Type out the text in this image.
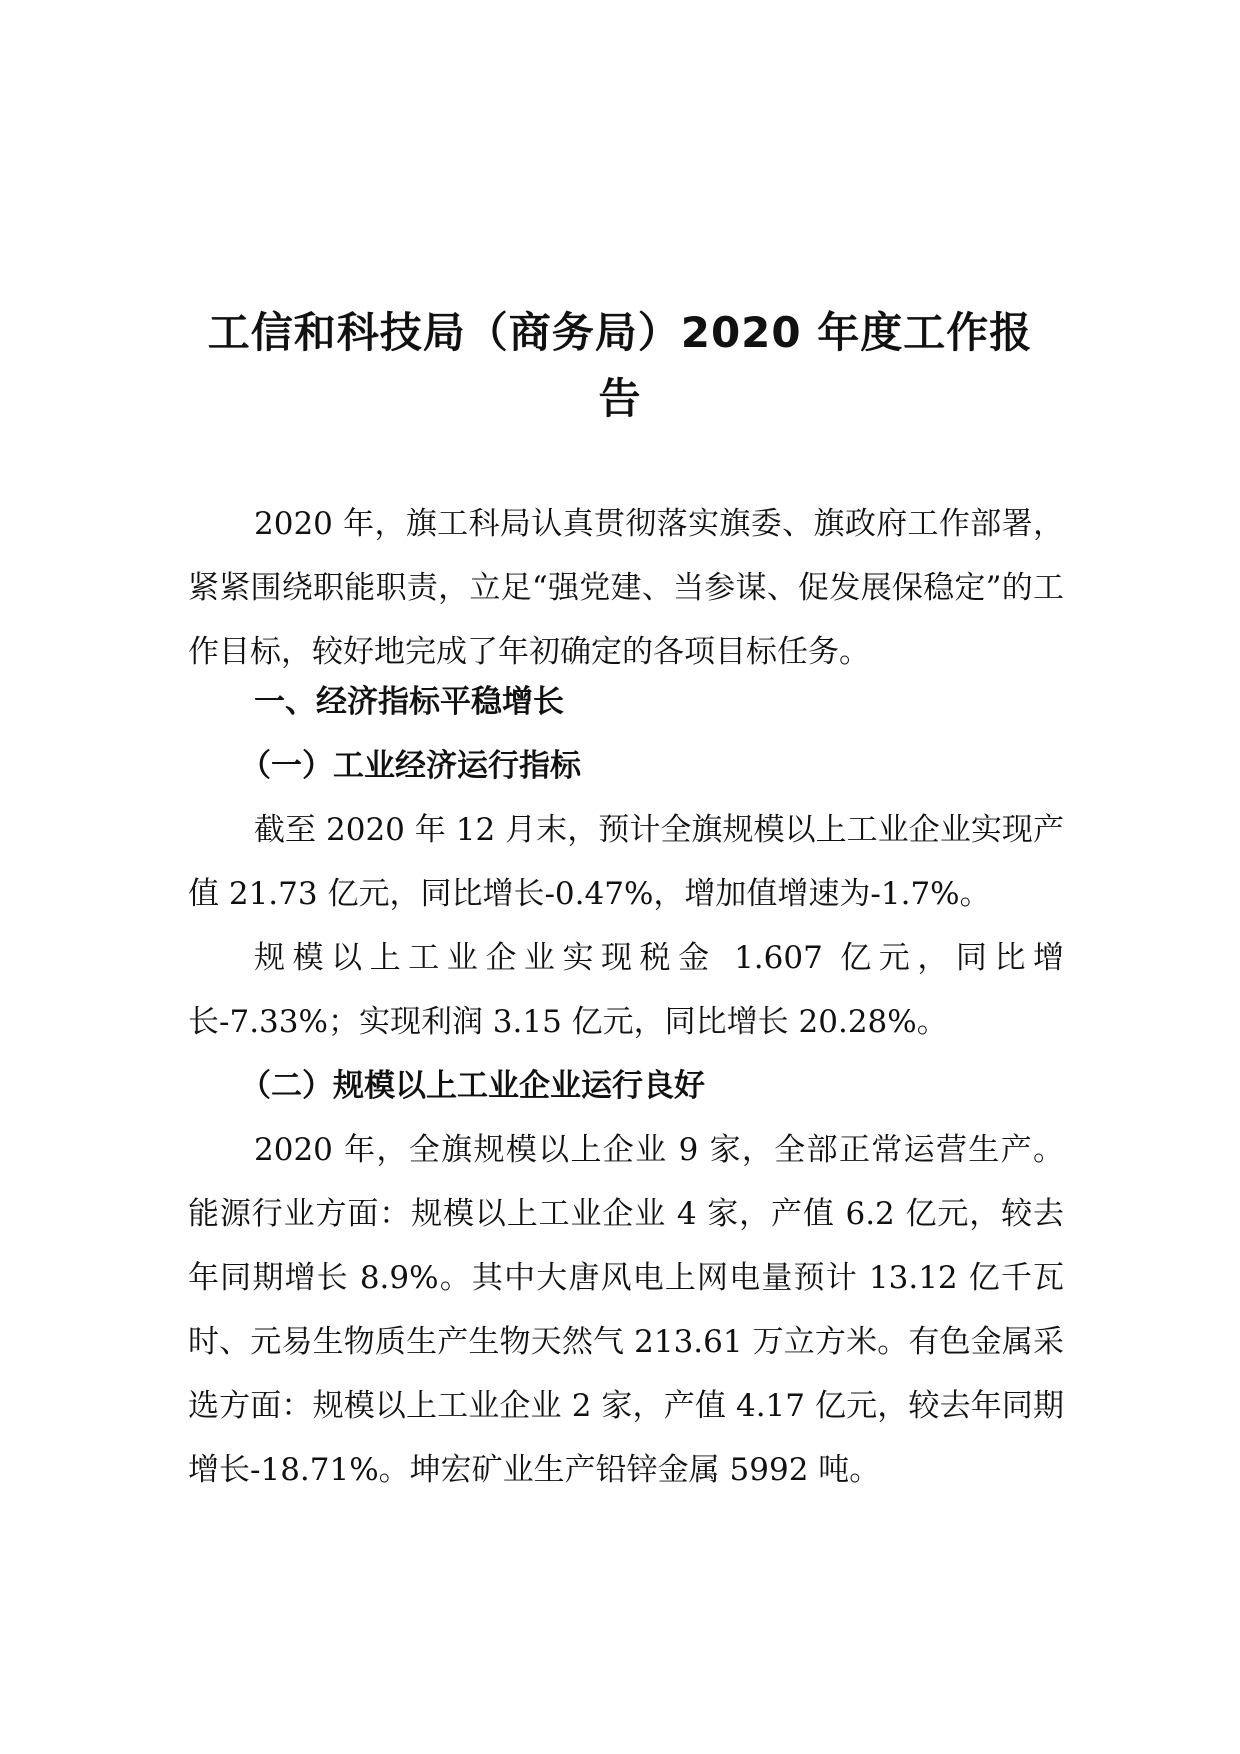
工信和科技局（商务局）2020 年度工作报
告

2020 年，旗工科局认真贯彻落实旗委、旗政府工作部署，紧紧围绕职能职责，立足“强党建、当参谋、促发展保稳定”的工作目标，较好地完成了年初确定的各项目标任务。

一、经济指标平稳增长
（一）工业经济运行指标

截至 2020 年 12 月末，预计全旗规模以上工业企业实现产值 21.73 亿元，同比增长-0.47%，增加值增速为-1.7%。

规模以上工业企业实现税金 1.607 亿元，同比增长-7.33%；实现利润 3.15 亿元，同比增长 20.28%。

（二）规模以上工业企业运行良好

2020 年，全旗规模以上企业 9 家，全部正常运营生产。能源行业方面：规模以上工业企业 4 家，产值 6.2 亿元，较去年同期增长 8.9%。其中大唐风电上网电量预计 13.12 亿千瓦时、元易生物质生产生物天然气 213.61 万立方米。有色金属采选方面：规模以上工业企业 2 家，产值 4.17 亿元，较去年同期增长-18.71%。坤宏矿业生产铅锌金属 5992 吨。
